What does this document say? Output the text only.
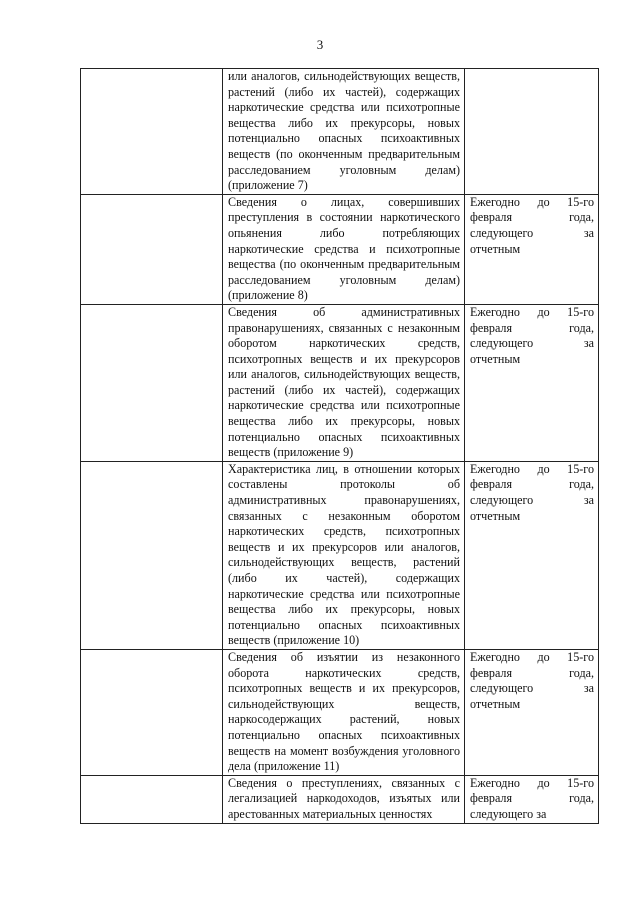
3
	или аналогов, сильнодействующих веществ, растений (либо их частей), содержащих наркотические средства или психотропные вещества либо их прекурсоры, новых потенциально опасных психоактивных веществ (по оконченным предварительным расследованием уголовным делам) (приложение 7)	
	Сведения о лицах, совершивших преступления в состоянии наркотического опьянения либо потребляющих наркотические средства и психотропные вещества (по оконченным предварительным расследованием уголовным делам) (приложение 8)	Ежегодно до 15-го февраля года, следующего за отчетным
	Сведения об административных правонарушениях, связанных с незаконным оборотом наркотических средств, психотропных веществ и их прекурсоров или аналогов, сильнодействующих веществ, растений (либо их частей), содержащих наркотические средства или психотропные вещества либо их прекурсоры, новых потенциально опасных психоактивных веществ (приложение 9)	Ежегодно до 15-го февраля года, следующего за отчетным
	Характеристика лиц, в отношении которых составлены протоколы об административных правонарушениях, связанных с незаконным оборотом наркотических средств, психотропных веществ и их прекурсоров или аналогов, сильнодействующих веществ, растений (либо их частей), содержащих наркотические средства или психотропные вещества либо их прекурсоры, новых потенциально опасных психоактивных веществ (приложение 10)	Ежегодно до 15-го февраля года, следующего за отчетным
	Сведения об изъятии из незаконного оборота наркотических средств, психотропных веществ и их прекурсоров, сильнодействующих веществ, наркосодержащих растений, новых потенциально опасных психоактивных веществ на момент возбуждения уголовного дела (приложение 11)	Ежегодно до 15-го февраля года, следующего за отчетным
	Сведения о преступлениях, связанных с легализацией наркодоходов, изъятых или арестованных материальных ценностях	Ежегодно до 15-го февраля года, следующего за
